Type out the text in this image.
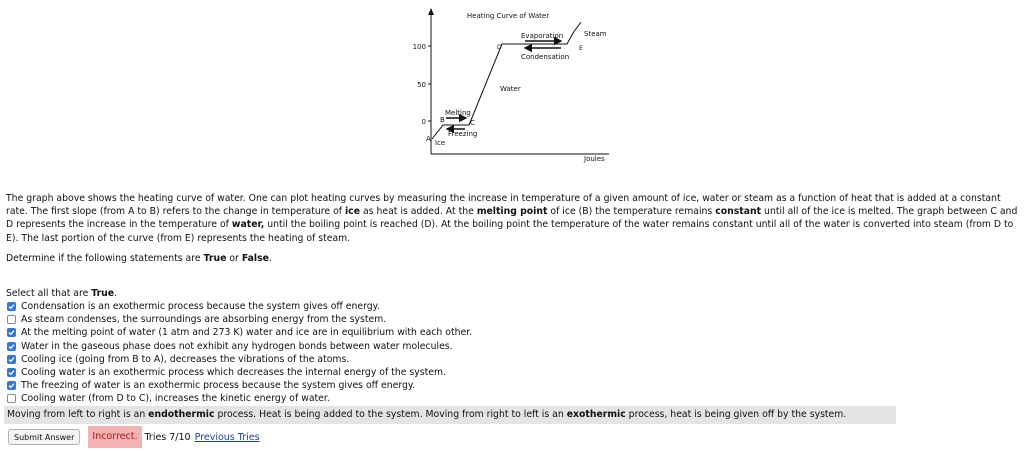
Heating Curve of Water
100
50
0
A
B	C
D	E
Ice
Water
Steam
Melting
Freezing
Evaporation
Condensation
Joules
The graph above shows the heating curve of water. One can plot heating curves by measuring the increase in temperature of a given amount of ice, water or steam as a function of heat that is added at a constant rate. The first slope (from A to B) refers to the change in temperature of ice as heat is added. At the melting point of ice (B) the temperature remains constant until all of the ice is melted. The graph between C and D represents the increase in the temperature of water, until the boiling point is reached (D). At the boiling point the temperature of the water remains constant until all of the water is converted into steam (from D to E). The last portion of the curve (from E) represents the heating of steam.
Determine if the following statements are True or False.
Select all that are True.
Condensation is an exothermic process because the system gives off energy.
As steam condenses, the surroundings are absorbing energy from the system.
At the melting point of water (1 atm and 273 K) water and ice are in equilibrium with each other.
Water in the gaseous phase does not exhibit any hydrogen bonds between water molecules.
Cooling ice (going from B to A), decreases the vibrations of the atoms.
Cooling water is an exothermic process which decreases the internal energy of the system.
The freezing of water is an exothermic process because the system gives off energy.
Cooling water (from D to C), increases the kinetic energy of water.
Moving from left to right is an endothermic process. Heat is being added to the system. Moving from right to left is an exothermic process, heat is being given off by the system.
Submit Answer	Incorrect. Tries 7/10 Previous Tries
